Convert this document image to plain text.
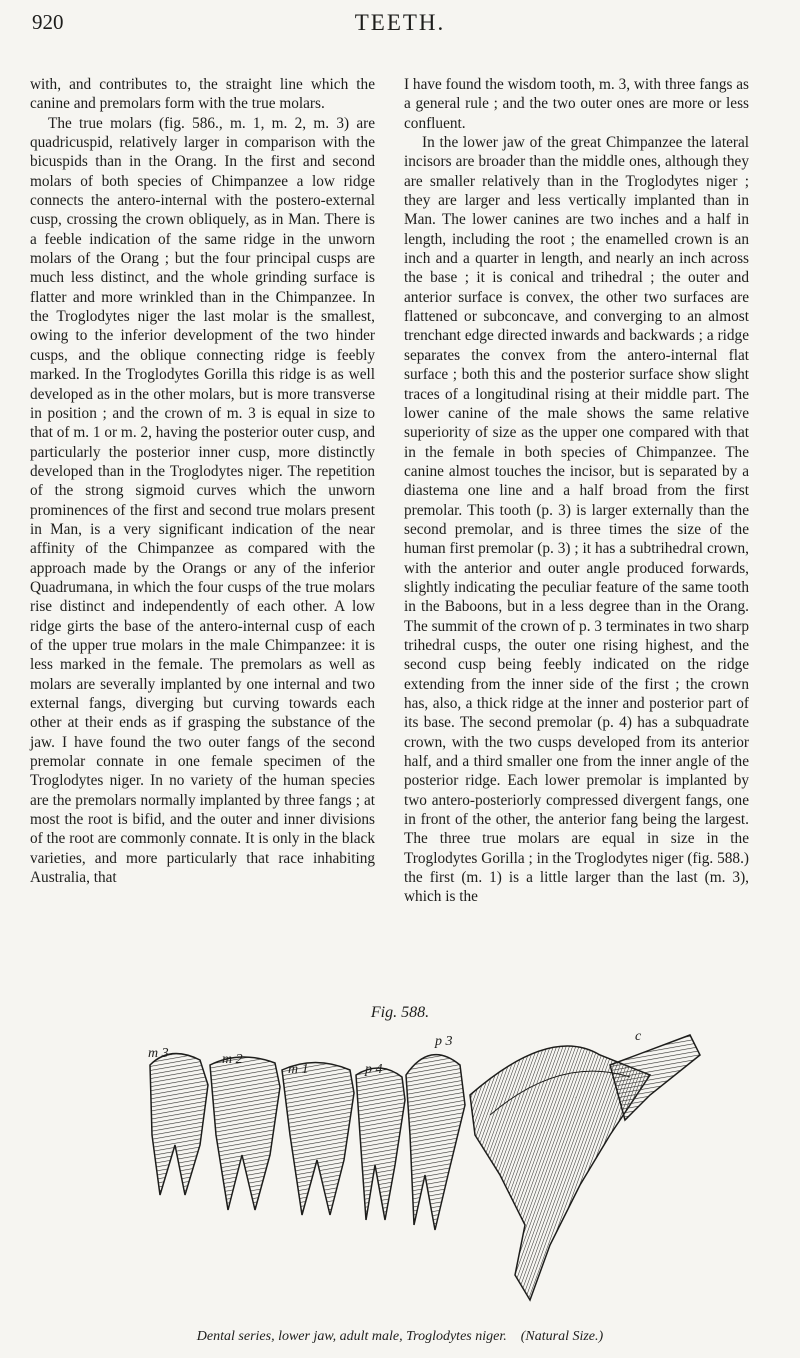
920	TEETH.

with, and contributes to, the straight line which the canine and premolars form with the true molars.

The true molars (fig. 586., m. 1, m. 2, m. 3) are quadricuspid, relatively larger in comparison with the bicuspids than in the Orang. In the first and second molars of both species of Chimpanzee a low ridge connects the antero-internal with the postero-external cusp, crossing the crown obliquely, as in Man. There is a feeble indication of the same ridge in the unworn molars of the Orang ; but the four principal cusps are much less distinct, and the whole grinding surface is flatter and more wrinkled than in the Chimpanzee. In the Troglodytes niger the last molar is the smallest, owing to the inferior development of the two hinder cusps, and the oblique connecting ridge is feebly marked. In the Troglodytes Gorilla this ridge is as well developed as in the other molars, but is more transverse in position ; and the crown of m. 3 is equal in size to that of m. 1 or m. 2, having the posterior outer cusp, and particularly the posterior inner cusp, more distinctly developed than in the Troglodytes niger. The repetition of the strong sigmoid curves which the unworn prominences of the first and second true molars present in Man, is a very significant indication of the near affinity of the Chimpanzee as compared with the approach made by the Orangs or any of the inferior Quadrumana, in which the four cusps of the true molars rise distinct and independently of each other. A low ridge girts the base of the antero-internal cusp of each of the upper true molars in the male Chimpanzee: it is less marked in the female. The premolars as well as molars are severally implanted by one internal and two external fangs, diverging but curving towards each other at their ends as if grasping the substance of the jaw. I have found the two outer fangs of the second premolar connate in one female specimen of the Troglodytes niger. In no variety of the human species are the premolars normally implanted by three fangs ; at most the root is bifid, and the outer and inner divisions of the root are commonly connate. It is only in the black varieties, and more particularly that race inhabiting Australia, that

I have found the wisdom tooth, m. 3, with three fangs as a general rule ; and the two outer ones are more or less confluent.

In the lower jaw of the great Chimpanzee the lateral incisors are broader than the middle ones, although they are smaller relatively than in the Troglodytes niger ; they are larger and less vertically implanted than in Man. The lower canines are two inches and a half in length, including the root ; the enamelled crown is an inch and a quarter in length, and nearly an inch across the base ; it is conical and trihedral ; the outer and anterior surface is convex, the other two surfaces are flattened or subconcave, and converging to an almost trenchant edge directed inwards and backwards ; a ridge separates the convex from the antero-internal flat surface ; both this and the posterior surface show slight traces of a longitudinal rising at their middle part. The lower canine of the male shows the same relative superiority of size as the upper one compared with that in the female in both species of Chimpanzee. The canine almost touches the incisor, but is separated by a diastema one line and a half broad from the first premolar. This tooth (p. 3) is larger externally than the second premolar, and is three times the size of the human first premolar (p. 3) ; it has a subtrihedral crown, with the anterior and outer angle produced forwards, slightly indicating the peculiar feature of the same tooth in the Baboons, but in a less degree than in the Orang. The summit of the crown of p. 3 terminates in two sharp trihedral cusps, the outer one rising highest, and the second cusp being feebly indicated on the ridge extending from the inner side of the first ; the crown has, also, a thick ridge at the inner and posterior part of its base. The second premolar (p. 4) has a subquadrate crown, with the two cusps developed from its anterior half, and a third smaller one from the inner angle of the posterior ridge. Each lower premolar is implanted by two antero-posteriorly compressed divergent fangs, one in front of the other, the anterior fang being the largest. The three true molars are equal in size in the Troglodytes Gorilla ; in the Troglodytes niger (fig. 588.) the first (m. 1) is a little larger than the last (m. 3), which is the

Fig. 588.
m 3	m 2
m 1	p 4
p 3	c
Dental series, lower jaw, adult male, Troglodytes niger. (Natural Size.)
